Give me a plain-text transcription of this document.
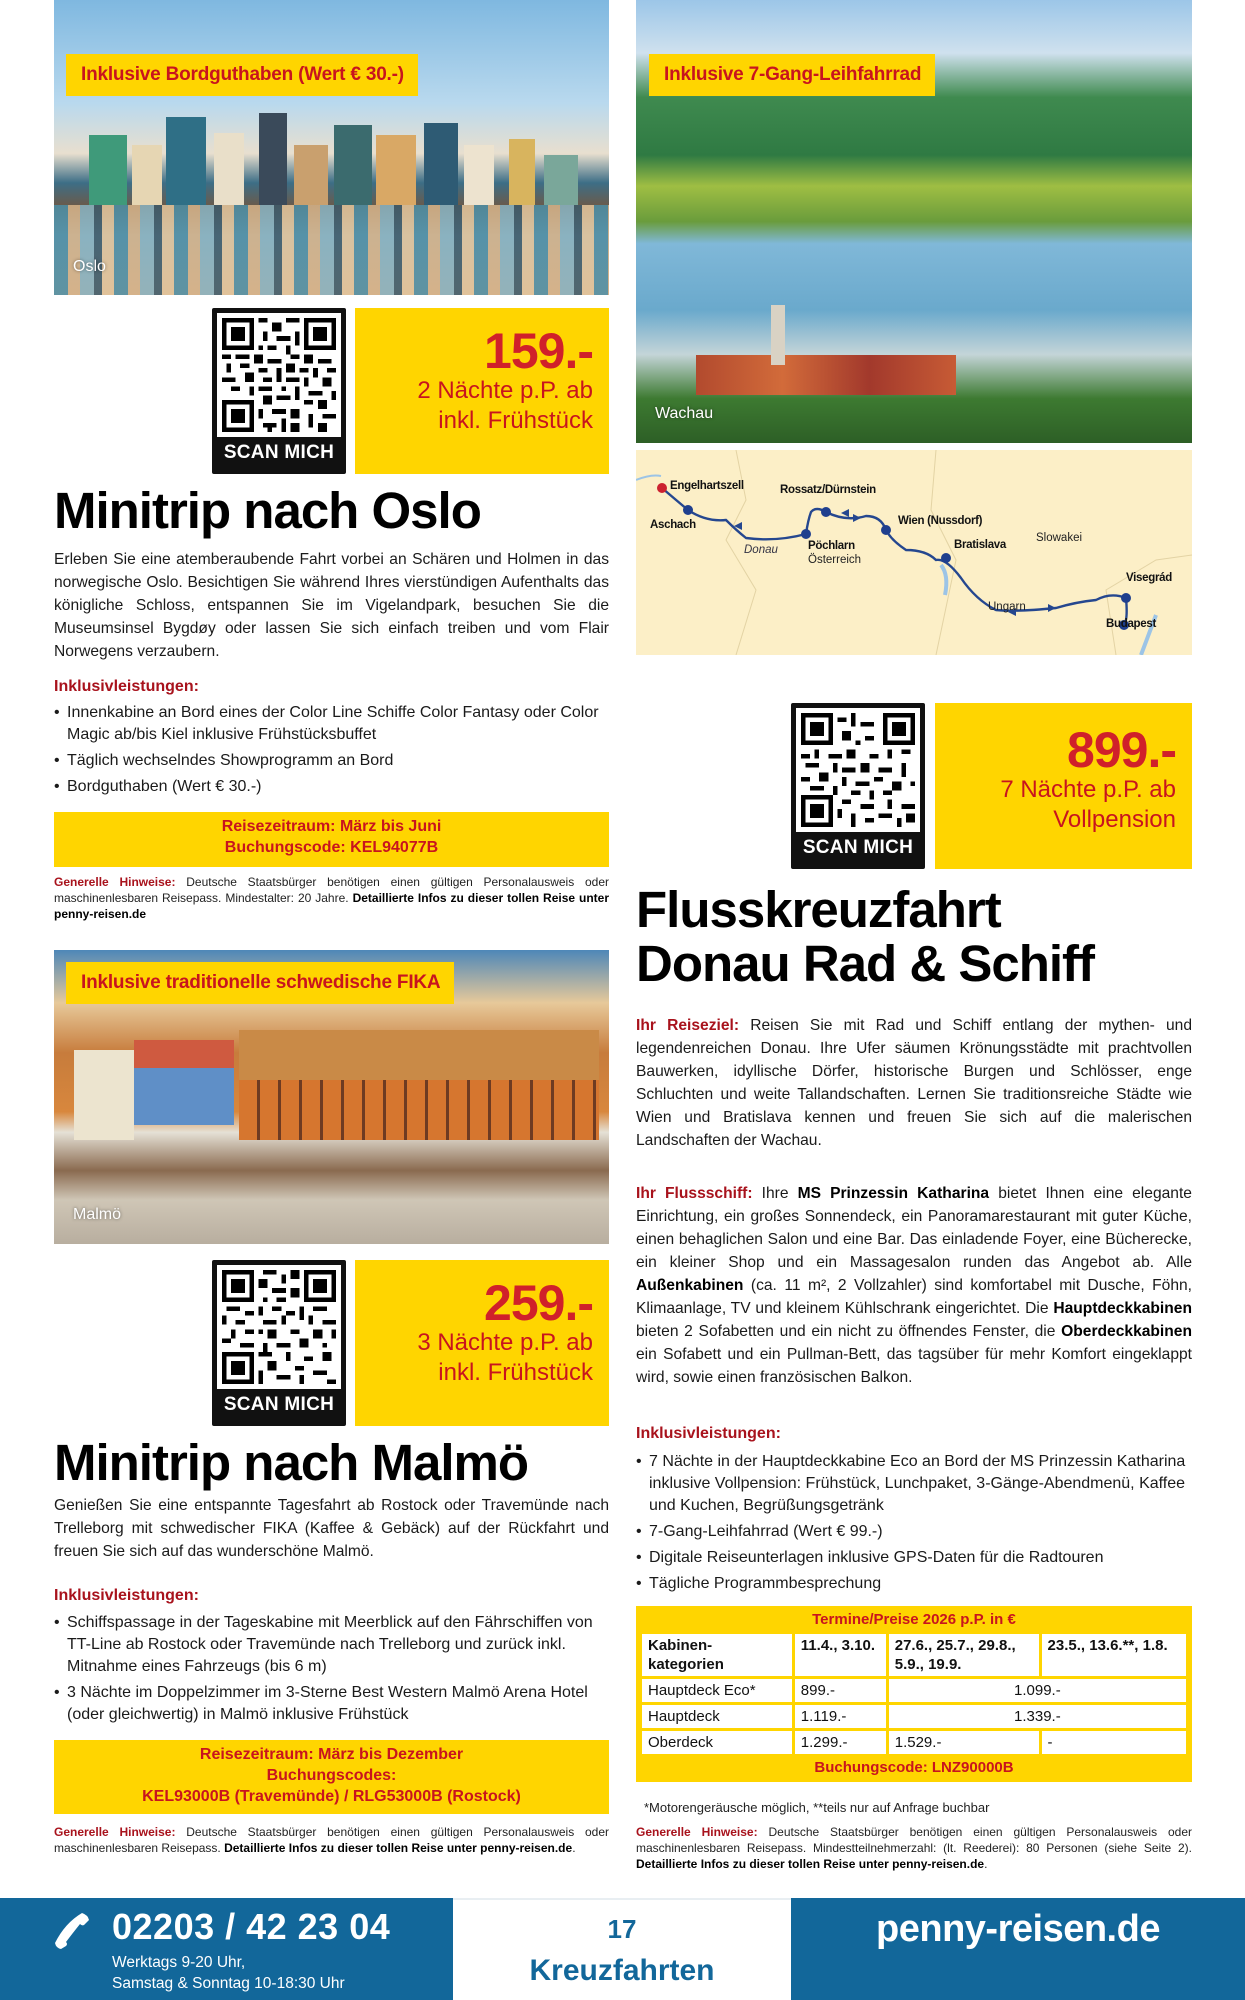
Inklusive Bordguthaben (Wert € 30.-)
Oslo
SCAN MICH
159.-
2 Nächte p.P. ab
inkl. Frühstück
Minitrip nach Oslo
Erleben Sie eine atemberaubende Fahrt vorbei an Schären und Holmen in das norwegische Oslo. Besichtigen Sie während Ihres vierstündigen Aufenthalts das königliche Schloss, entspannen Sie im Vigelandpark, besuchen Sie die Museumsinsel Bygdøy oder lassen Sie sich einfach treiben und vom Flair Norwegens verzaubern.
Inklusivleistungen:
• Innenkabine an Bord eines der Color Line Schiffe Color Fantasy oder Color Magic ab/bis Kiel inklusive Frühstücksbuffet
• Täglich wechselndes Showprogramm an Bord
• Bordguthaben (Wert € 30.-)
Reisezeitraum: März bis Juni
Buchungscode: KEL94077B
Generelle Hinweise: Deutsche Staatsbürger benötigen einen gültigen Personalausweis oder maschinenlesbaren Reisepass. Mindestalter: 20 Jahre. Detaillierte Infos zu dieser tollen Reise unter penny-reisen.de
Inklusive traditionelle schwedische FIKA
Malmö
SCAN MICH
259.-
3 Nächte p.P. ab
inkl. Frühstück
Minitrip nach Malmö
Genießen Sie eine entspannte Tagesfahrt ab Rostock oder Travemünde nach Trelleborg mit schwedischer FIKA (Kaffee & Gebäck) auf der Rückfahrt und freuen Sie sich auf das wunderschöne Malmö.
Inklusivleistungen:
• Schiffspassage in der Tageskabine mit Meerblick auf den Fährschiffen von TT-Line ab Rostock oder Travemünde nach Trelleborg und zurück inkl. Mitnahme eines Fahrzeugs (bis 6 m)
• 3 Nächte im Doppelzimmer im 3-Sterne Best Western Malmö Arena Hotel (oder gleichwertig) in Malmö inklusive Frühstück
Reisezeitraum: März bis Dezember
Buchungscodes:
KEL93000B (Travemünde) / RLG53000B (Rostock)
Generelle Hinweise: Deutsche Staatsbürger benötigen einen gültigen Personalausweis oder maschinenlesbaren Reisepass. Detaillierte Infos zu dieser tollen Reise unter penny-reisen.de.
Inklusive 7-Gang-Leihfahrrad
Wachau
Engelhartszell
Aschach
Rossatz/Dürnstein
Pöchlarn
Österreich
Wien (Nussdorf)
Bratislava
Slowakei
Ungarn
Visegrád
Budapest
Donau
SCAN MICH
899.-
7 Nächte p.P. ab
Vollpension
Flusskreuzfahrt
Donau Rad & Schiff
Ihr Reiseziel: Reisen Sie mit Rad und Schiff entlang der mythen- und legendenreichen Donau. Ihre Ufer säumen Krönungsstädte mit prachtvollen Bauwerken, idyllische Dörfer, historische Burgen und Schlösser, enge Schluchten und weite Tallandschaften. Lernen Sie traditionsreiche Städte wie Wien und Bratislava kennen und freuen Sie sich auf die malerischen Landschaften der Wachau.
Ihr Flussschiff: Ihre MS Prinzessin Katharina bietet Ihnen eine elegante Einrichtung, ein großes Sonnendeck, ein Panoramarestaurant mit guter Küche, einen behaglichen Salon und eine Bar. Das einladende Foyer, eine Bücherecke, ein kleiner Shop und ein Massagesalon runden das Angebot ab. Alle Außenkabinen (ca. 11 m², 2 Vollzahler) sind komfortabel mit Dusche, Föhn, Klimaanlage, TV und kleinem Kühlschrank eingerichtet. Die Hauptdeckkabinen bieten 2 Sofabetten und ein nicht zu öffnendes Fenster, die Oberdeckkabinen ein Sofabett und ein Pullman-Bett, das tagsüber für mehr Komfort eingeklappt wird, sowie einen französischen Balkon.
Inklusivleistungen:
• 7 Nächte in der Hauptdeckkabine Eco an Bord der MS Prinzessin Katharina inklusive Vollpension: Frühstück, Lunchpaket, 3-Gänge-Abendmenü, Kaffee und Kuchen, Begrüßungsgetränk
• 7-Gang-Leihfahrrad (Wert € 99.-)
• Digitale Reiseunterlagen inklusive GPS-Daten für die Radtouren
• Tägliche Programmbesprechung
Termine/Preise 2026 p.P. in €
Kabinen-kategorien	11.4., 3.10.	27.6., 25.7., 29.8., 5.9., 19.9.	23.5., 13.6.**, 1.8.
Hauptdeck Eco*	899.-	1.099.-	
Hauptdeck	1.119.-	1.339.-	
Oberdeck	1.299.-	1.529.-	-
Buchungscode: LNZ90000B
*Motorengeräusche möglich, **teils nur auf Anfrage buchbar
Generelle Hinweise: Deutsche Staatsbürger benötigen einen gültigen Personalausweis oder maschinenlesbaren Reisepass. Mindestteilnehmerzahl: (lt. Reederei): 80 Personen (siehe Seite 2). Detaillierte Infos zu dieser tollen Reise unter penny-reisen.de.
02203 / 42 23 04
Werktags 9-20 Uhr,
Samstag & Sonntag 10-18:30 Uhr
17
Kreuzfahrten
penny-reisen.de
